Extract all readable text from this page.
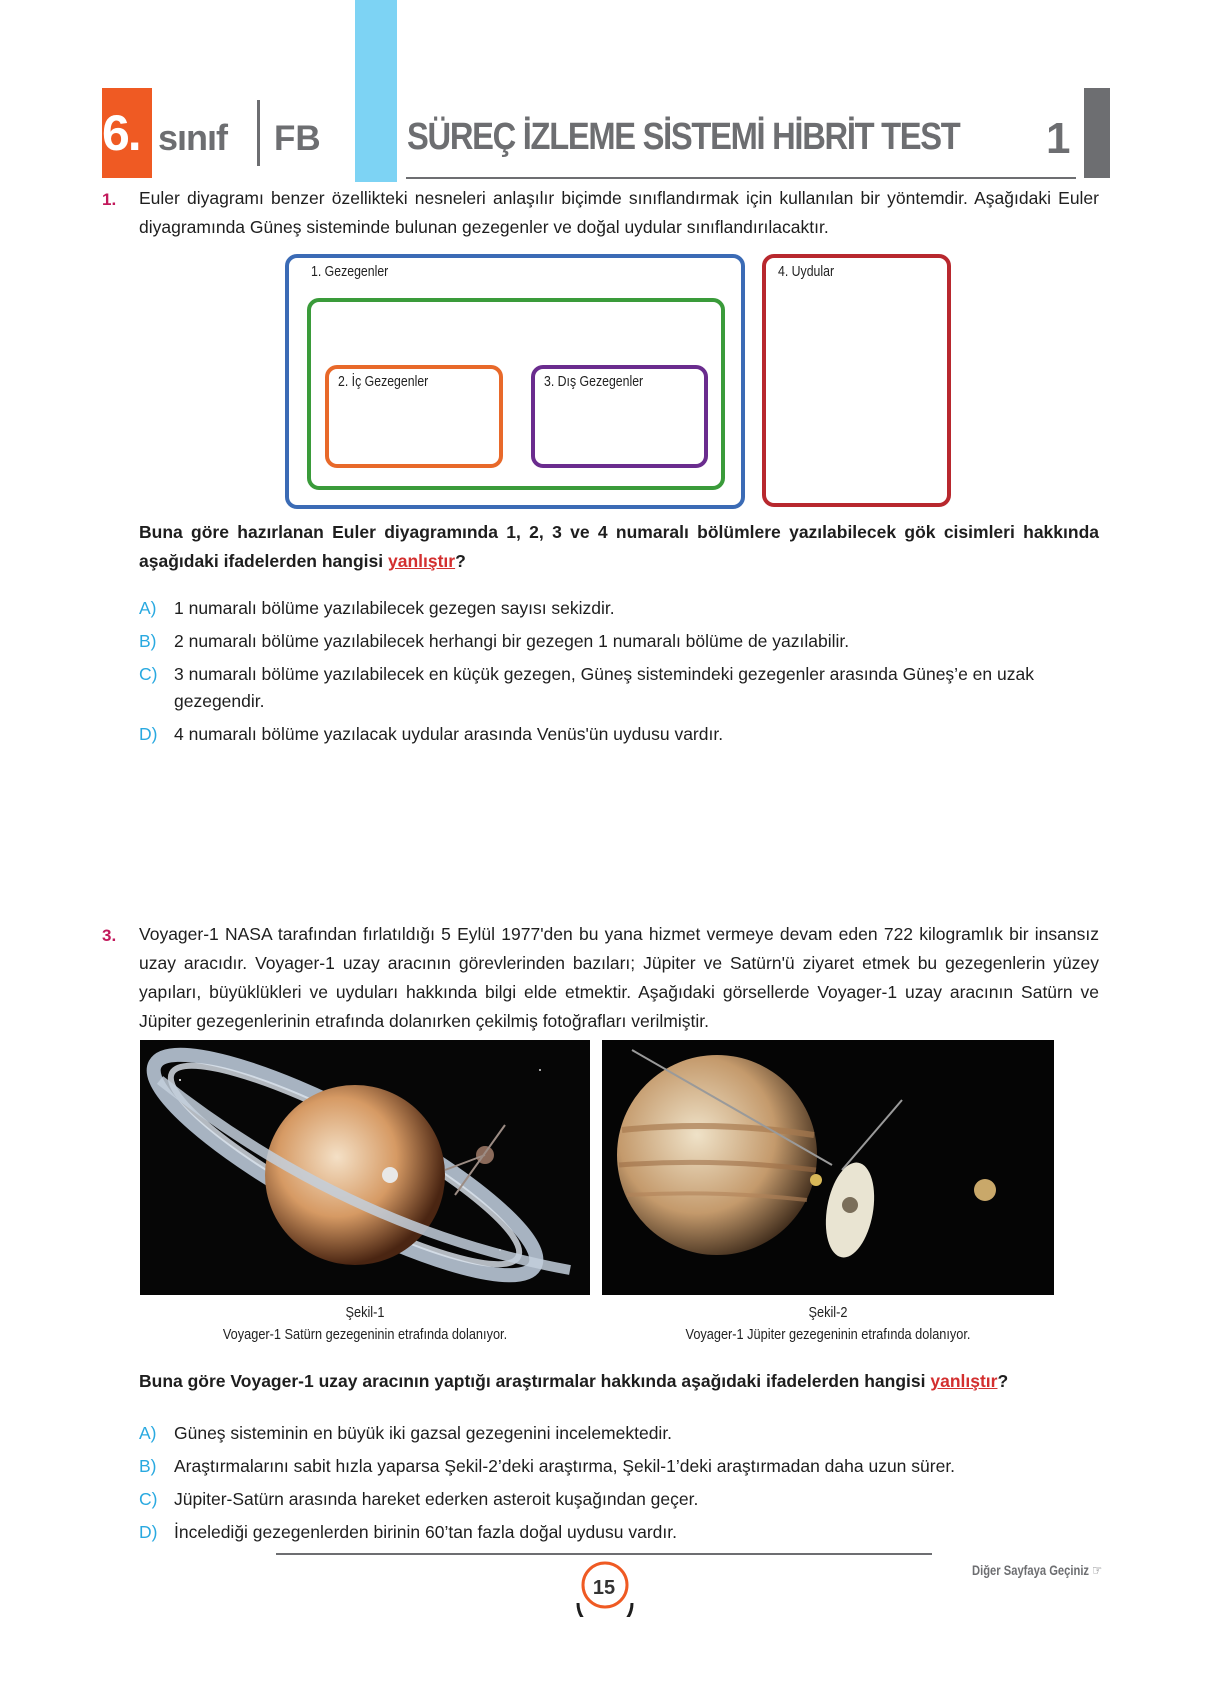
6. sınıf FB SÜREÇ İZLEME SİSTEMİ HİBRİT TEST 1
1. Euler diyagramı benzer özellikteki nesneleri anlaşılır biçimde sınıflandırmak için kullanılan bir yöntemdir. Aşağıdaki Euler diyagramında Güneş sisteminde bulunan gezegenler ve doğal uydular sınıflandırılacaktır.
1. Gezegenler
2. İç Gezegenler	3. Dış Gezegenler
4. Uydular
Buna göre hazırlanan Euler diyagramında 1, 2, 3 ve 4 numaralı bölümlere yazılabilecek gök cisimleri hakkında aşağıdaki ifadelerden hangisi yanlıştır?
A) 1 numaralı bölüme yazılabilecek gezegen sayısı sekizdir.
B) 2 numaralı bölüme yazılabilecek herhangi bir gezegen 1 numaralı bölüme de yazılabilir.
C) 3 numaralı bölüme yazılabilecek en küçük gezegen, Güneş sistemindeki gezegenler arasında Güneş’e en uzak gezegendir.
D) 4 numaralı bölüme yazılacak uydular arasında Venüs'ün uydusu vardır.
3. Voyager-1 NASA tarafından fırlatıldığı 5 Eylül 1977'den bu yana hizmet vermeye devam eden 722 kilogramlık bir insansız uzay aracıdır. Voyager-1 uzay aracının görevlerinden bazıları; Jüpiter ve Satürn'ü ziyaret etmek bu gezegenlerin yüzey yapıları, büyüklükleri ve uyduları hakkında bilgi elde etmektir. Aşağıdaki görsellerde Voyager-1 uzay aracının Satürn ve Jüpiter gezegenlerinin etrafında dolanırken çekilmiş fotoğrafları verilmiştir.
Şekil-1
Voyager-1 Satürn gezegeninin etrafında dolanıyor.
Şekil-2
Voyager-1 Jüpiter gezegeninin etrafında dolanıyor.
Buna göre Voyager-1 uzay aracının yaptığı araştırmalar hakkında aşağıdaki ifadelerden hangisi yanlıştır?
A) Güneş sisteminin en büyük iki gazsal gezegenini incelemektedir.
B) Araştırmalarını sabit hızla yaparsa Şekil-2’deki araştırma, Şekil-1’deki araştırmadan daha uzun sürer.
C) Jüpiter-Satürn arasında hareket ederken asteroit kuşağından geçer.
D) İncelediği gezegenlerden birinin 60’tan fazla doğal uydusu vardır.
15
Diğer Sayfaya Geçiniz ☞
